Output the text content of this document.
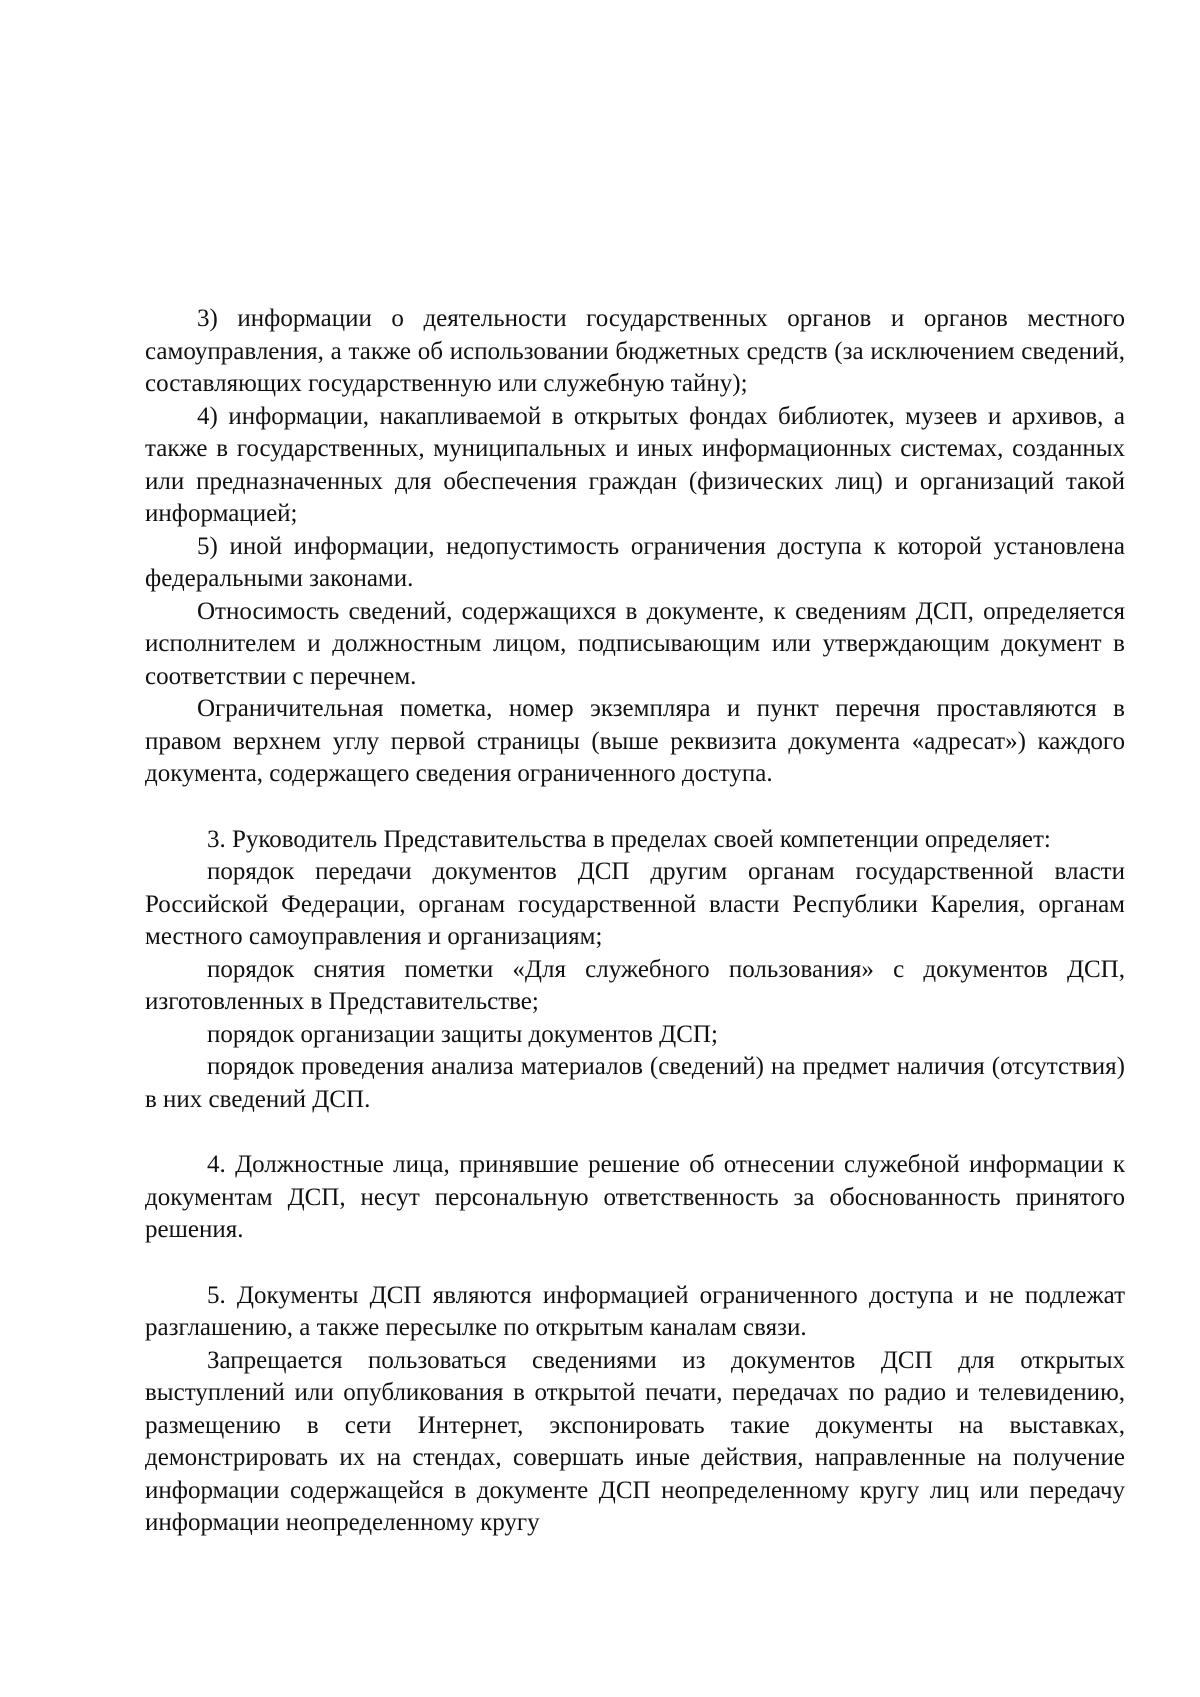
3) информации о деятельности государственных органов и органов местного самоуправления, а также об использовании бюджетных средств (за исключением сведений, составляющих государственную или служебную тайну);

4) информации, накапливаемой в открытых фондах библиотек, музеев и архивов, а также в государственных, муниципальных и иных информационных системах, созданных или предназначенных для обеспечения граждан (физических лиц) и организаций такой информацией;

5) иной информации, недопустимость ограничения доступа к которой установлена федеральными законами.

Относимость сведений, содержащихся в документе, к сведениям ДСП, определяется исполнителем и должностным лицом, подписывающим или утверждающим документ в соответствии с перечнем.

Ограничительная пометка, номер экземпляра и пункт перечня проставляются в правом верхнем углу первой страницы (выше реквизита документа «адресат») каждого документа, содержащего сведения ограниченного доступа.

3. Руководитель Представительства в пределах своей компетенции определяет:

порядок передачи документов ДСП другим органам государственной власти Российской Федерации, органам государственной власти Республики Карелия, органам местного самоуправления и организациям;

порядок снятия пометки «Для служебного пользования» с документов ДСП, изготовленных в Представительстве;

порядок организации защиты документов ДСП;

порядок проведения анализа материалов (сведений) на предмет наличия (отсутствия) в них сведений ДСП.

4. Должностные лица, принявшие решение об отнесении служебной информации к документам ДСП, несут персональную ответственность за обоснованность принятого решения.

5. Документы ДСП являются информацией ограниченного доступа и не подлежат разглашению, а также пересылке по открытым каналам связи.

Запрещается пользоваться сведениями из документов ДСП для открытых выступлений или опубликования в открытой печати, передачах по радио и телевидению, размещению в сети Интернет, экспонировать такие документы на выставках, демонстрировать их на стендах, совершать иные действия, направленные на получение информации содержащейся в документе ДСП неопределенному кругу лиц или передачу информации неопределенному кругу
